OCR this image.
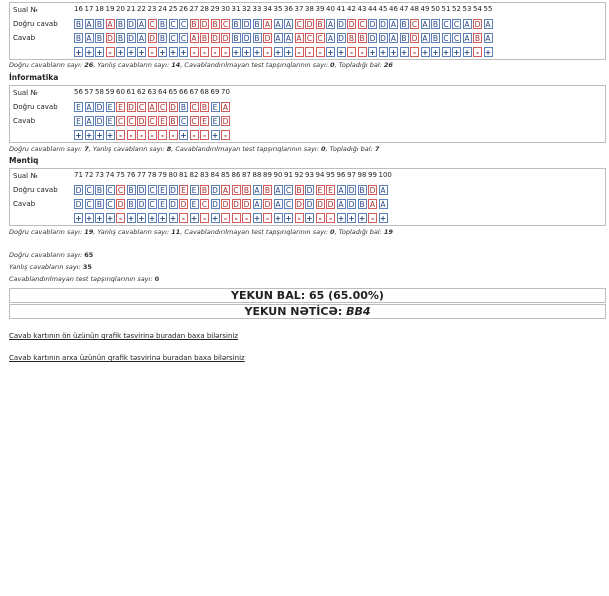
Sual №	16 17 18 19 20 21 22 23 24 25 26 27 28 29 30 31 32 33 34 35 36 37 38 39 40 41 42 43 44 45 46 47 48 49 50 51 52 53 54 55
Doğru cavab	B A B A B D A C B C C B D B C B D B A A A C D B A D D C D D A B C A B C C A D A
Cavab	B A B D B D A D B C C A B D D B D B D A A A C C A D B B D D A B D A B C C A B A
+ + + - + + + - + + + - - - - + + + - + + - - - + + - - + + + + - + + + + + - +
Doğru cavabların sayı: 26, Yanlış cavabların sayı: 14, Cavablandırılmayan test tapşırıqlarının sayı: 0, Topladığı bal: 26
İnformatika
Sual №	56 57 58 59 60 61 62 63 64 65 66 67 68 69 70
Doğru cavab	E A D E E D C A C D B C B E A
Cavab	E A D E C C D C E B C C E E D
+ + + + - - - - - - + - - + -
Doğru cavabların sayı: 7, Yanlış cavabların sayı: 8, Cavablandırılmayan test tapşırıqlarının sayı: 0, Topladığı bal: 7
Məntiq
Sual №	71 72 73 74 75 76 77 78 79 80 81 82 83 84 85 86 87 88 89 90 91 92 93 94 95 96 97 98 99 100
Doğru cavab	D C B C C B D C E D E E B D A C B A B A C B D E E A D B D A
Cavab	D C B C D B D C E D D E C D D D D A D A C D D D D A D B A A
+ + + + - + + + + + - + - + - - - + - + + - + - - + + + - +
Doğru cavabların sayı: 19, Yanlış cavabların sayı: 11, Cavablandırılmayan test tapşırıqlarının sayı: 0, Topladığı bal: 19
Doğru cavabların sayı: 65
Yanlış cavabların sayı: 35
Cavablandırılmayan test tapşırıqlarının sayı: 0
YEKUN BAL: 65 (65.00%)
YEKUN NƏTİCƏ: BB4
Cavab kartının ön üzünün qrafik təsvirinə buradan baxa bilərsiniz
Cavab kartının arxa üzünün qrafik təsvirinə buradan baxa bilərsiniz
